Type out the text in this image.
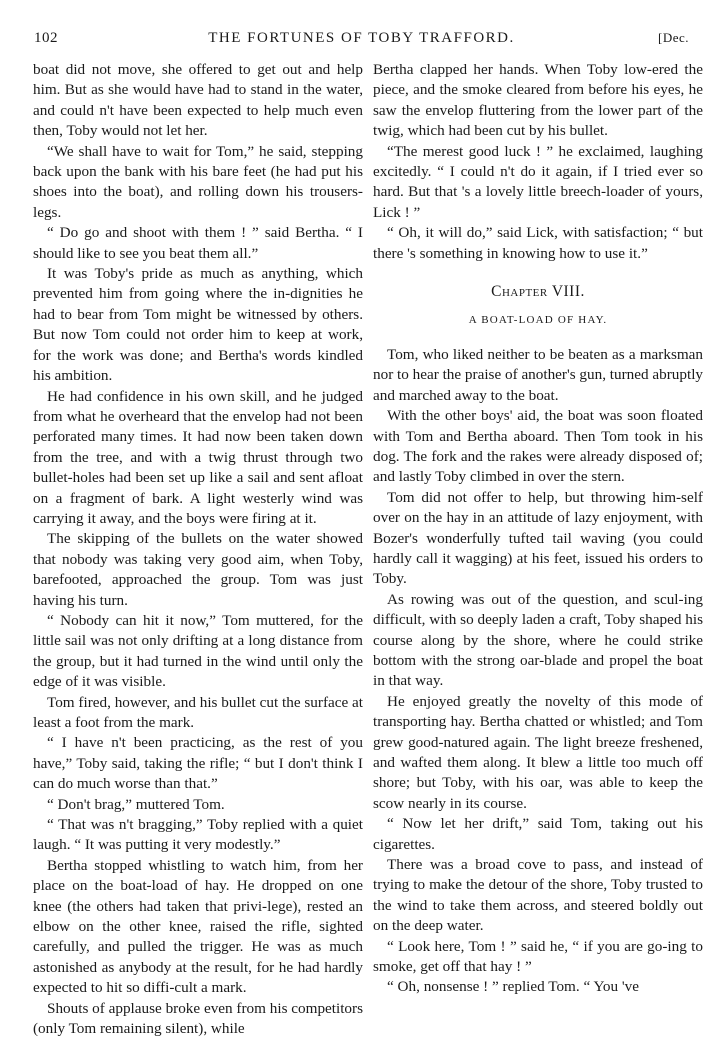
102	THE FORTUNES OF TOBY TRAFFORD.	[Dec.

boat did not move, she offered to get out and help him. But as she would have had to stand in the water, and could n't have been expected to help much even then, Toby would not let her.

“We shall have to wait for Tom,” he said, stepping back upon the bank with his bare feet (he had put his shoes into the boat), and rolling down his trousers-legs.

“ Do go and shoot with them ! ” said Bertha. “ I should like to see you beat them all.”

It was Toby's pride as much as anything, which prevented him from going where the in-dignities he had to bear from Tom might be witnessed by others. But now Tom could not order him to keep at work, for the work was done; and Bertha's words kindled his ambition.

He had confidence in his own skill, and he judged from what he overheard that the envelop had not been perforated many times. It had now been taken down from the tree, and with a twig thrust through two bullet-holes had been set up like a sail and sent afloat on a fragment of bark. A light westerly wind was carrying it away, and the boys were firing at it.

The skipping of the bullets on the water showed that nobody was taking very good aim, when Toby, barefooted, approached the group. Tom was just having his turn.

“ Nobody can hit it now,” Tom muttered, for the little sail was not only drifting at a long distance from the group, but it had turned in the wind until only the edge of it was visible.

Tom fired, however, and his bullet cut the surface at least a foot from the mark.

“ I have n't been practicing, as the rest of you have,” Toby said, taking the rifle; “ but I don't think I can do much worse than that.”

“ Don't brag,” muttered Tom.

“ That was n't bragging,” Toby replied with a quiet laugh. “ It was putting it very modestly.”

Bertha stopped whistling to watch him, from her place on the boat-load of hay. He dropped on one knee (the others had taken that privi-lege), rested an elbow on the other knee, raised the rifle, sighted carefully, and pulled the trigger. He was as much astonished as anybody at the result, for he had hardly expected to hit so diffi-cult a mark.

Shouts of applause broke even from his competitors (only Tom remaining silent), while

Bertha clapped her hands. When Toby low-ered the piece, and the smoke cleared from before his eyes, he saw the envelop fluttering from the lower part of the twig, which had been cut by his bullet.

“The merest good luck ! ” he exclaimed, laughing excitedly. “ I could n't do it again, if I tried ever so hard. But that 's a lovely little breech-loader of yours, Lick ! ”

“ Oh, it will do,” said Lick, with satisfaction; “ but there 's something in knowing how to use it.”

Chapter VIII.
A BOAT-LOAD OF HAY.

Tom, who liked neither to be beaten as a marksman nor to hear the praise of another's gun, turned abruptly and marched away to the boat.

With the other boys' aid, the boat was soon floated with Tom and Bertha aboard. Then Tom took in his dog. The fork and the rakes were already disposed of; and lastly Toby climbed in over the stern.

Tom did not offer to help, but throwing him-self over on the hay in an attitude of lazy enjoyment, with Bozer's wonderfully tufted tail waving (you could hardly call it wagging) at his feet, issued his orders to Toby.

As rowing was out of the question, and scul-ing difficult, with so deeply laden a craft, Toby shaped his course along by the shore, where he could strike bottom with the strong oar-blade and propel the boat in that way.

He enjoyed greatly the novelty of this mode of transporting hay. Bertha chatted or whistled; and Tom grew good-natured again. The light breeze freshened, and wafted them along. It blew a little too much off shore; but Toby, with his oar, was able to keep the scow nearly in its course.

“ Now let her drift,” said Tom, taking out his cigarettes.

There was a broad cove to pass, and instead of trying to make the detour of the shore, Toby trusted to the wind to take them across, and steered boldly out on the deep water.

“ Look here, Tom ! ” said he, “ if you are go-ing to smoke, get off that hay ! ”

“ Oh, nonsense ! ” replied Tom. “ You 've
